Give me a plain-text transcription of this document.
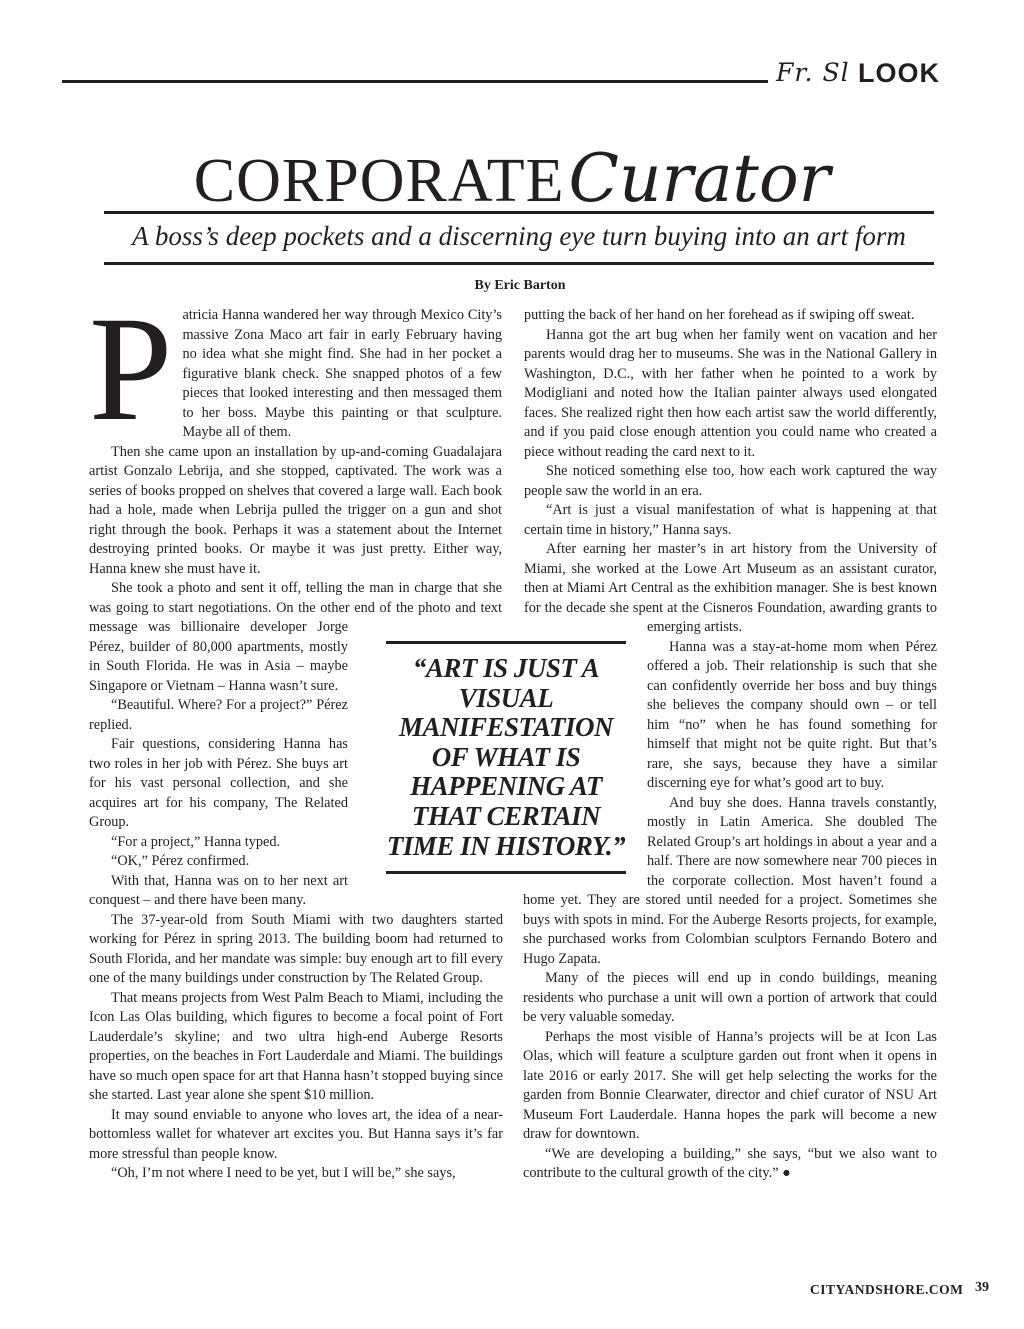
Fr. Sl LOOK
CORPORATE Curator
A boss’s deep pockets and a discerning eye turn buying into an art form
By Eric Barton
P atricia Hanna wandered her way through Mexico City’s massive Zona Maco art fair in early February having no idea what she might find. She had in her pocket a figurative blank check. She snapped photos of a few pieces that looked interesting and then messaged them to her boss. Maybe this painting or that sculpture. Maybe all of them.

Then she came upon an installation by up-and-coming Guadalajara artist Gonzalo Lebrija, and she stopped, captivated. The work was a series of books propped on shelves that covered a large wall. Each book had a hole, made when Lebrija pulled the trigger on a gun and shot right through the book. Perhaps it was a statement about the Internet destroying printed books. Or maybe it was just pretty. Either way, Hanna knew she must have it.

She took a photo and sent it off, telling the man in charge that she was going to start negotiations. On the other end of the photo and text message was billionaire developer Jorge Pérez, builder of 80,000 apartments, mostly in South Florida. He was in Asia – maybe Singapore or Vietnam – Hanna wasn’t sure.

“Beautiful. Where? For a project?” Pérez replied.

Fair questions, considering Hanna has two roles in her job with Pérez. She buys art for his vast personal collection, and she acquires art for his company, The Related Group.

“For a project,” Hanna typed.

“OK,” Pérez confirmed.

With that, Hanna was on to her next art conquest – and there have been many.

The 37-year-old from South Miami with two daughters started working for Pérez in spring 2013. The building boom had returned to South Florida, and her mandate was simple: buy enough art to fill every one of the many buildings under construction by The Related Group.

That means projects from West Palm Beach to Miami, including the Icon Las Olas building, which figures to become a focal point of Fort Lauderdale’s skyline; and two ultra high-end Auberge Resorts properties, on the beaches in Fort Lauderdale and Miami. The buildings have so much open space for art that Hanna hasn’t stopped buying since she started. Last year alone she spent $10 million.

It may sound enviable to anyone who loves art, the idea of a near-bottomless wallet for whatever art excites you. But Hanna says it’s far more stressful than people know.

“Oh, I’m not where I need to be yet, but I will be,” she says,

putting the back of her hand on her forehead as if swiping off sweat.

Hanna got the art bug when her family went on vacation and her parents would drag her to museums. She was in the National Gallery in Washington, D.C., with her father when he pointed to a work by Modigliani and noted how the Italian painter always used elongated faces. She realized right then how each artist saw the world differently, and if you paid close enough attention you could name who created a piece without reading the card next to it.

She noticed something else too, how each work captured the way people saw the world in an era.

“Art is just a visual manifestation of what is happening at that certain time in history,” Hanna says.

After earning her master’s in art history from the University of Miami, she worked at the Lowe Art Museum as an assistant curator, then at Miami Art Central as the exhibition manager. She is best known for the decade she spent at the Cisneros Foundation, awarding grants to emerging artists.

Hanna was a stay-at-home mom when Pérez offered a job. Their relationship is such that she can confidently override her boss and buy things she believes the company should own – or tell him “no” when he has found something for himself that might not be quite right. But that’s rare, she says, because they have a similar discerning eye for what’s good art to buy.

And buy she does. Hanna travels constantly, mostly in Latin America. She doubled The Related Group’s art holdings in about a year and a half. There are now somewhere near 700 pieces in the corporate collection. Most haven’t found a home yet. They are stored until needed for a project. Sometimes she buys with spots in mind. For the Auberge Resorts projects, for example, she purchased works from Colombian sculptors Fernando Botero and Hugo Zapata.

Many of the pieces will end up in condo buildings, meaning residents who purchase a unit will own a portion of artwork that could be very valuable someday.

Perhaps the most visible of Hanna’s projects will be at Icon Las Olas, which will feature a sculpture garden out front when it opens in late 2016 or early 2017. She will get help selecting the works for the garden from Bonnie Clearwater, director and chief curator of NSU Art Museum Fort Lauderdale. Hanna hopes the park will become a new draw for downtown.

“We are developing a building,” she says, “but we also want to contribute to the cultural growth of the city.” ●

“ART IS JUST A VISUAL MANIFESTATION OF WHAT IS HAPPENING AT THAT CERTAIN TIME IN HISTORY.”
CITYANDSHORE.COM 39
